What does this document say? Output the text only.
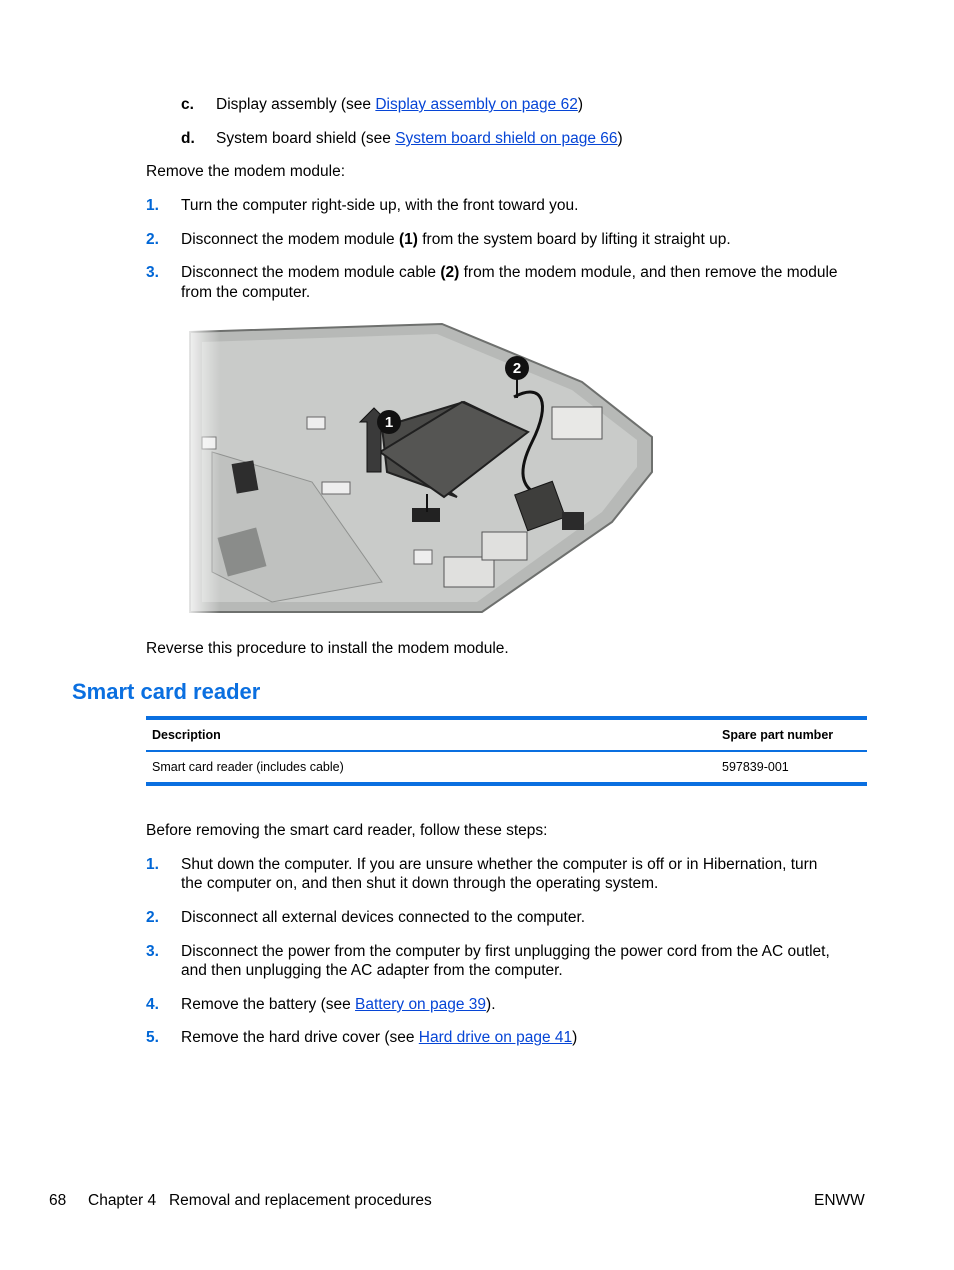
c. Display assembly (see Display assembly on page 62)
d. System board shield (see System board shield on page 66)
Remove the modem module:
1. Turn the computer right-side up, with the front toward you.
2. Disconnect the modem module (1) from the system board by lifting it straight up.
3. Disconnect the modem module cable (2) from the modem module, and then remove the module
from the computer.
Reverse this procedure to install the modem module.
Smart card reader
Description	Spare part number
Smart card reader (includes cable)	597839-001
Before removing the smart card reader, follow these steps:
1. Shut down the computer. If you are unsure whether the computer is off or in Hibernation, turn
the computer on, and then shut it down through the operating system.
2. Disconnect all external devices connected to the computer.
3. Disconnect the power from the computer by first unplugging the power cord from the AC outlet,
and then unplugging the AC adapter from the computer.
4. Remove the battery (see Battery on page 39).
5. Remove the hard drive cover (see Hard drive on page 41)
68 Chapter 4   Removal and replacement procedures	ENWW
